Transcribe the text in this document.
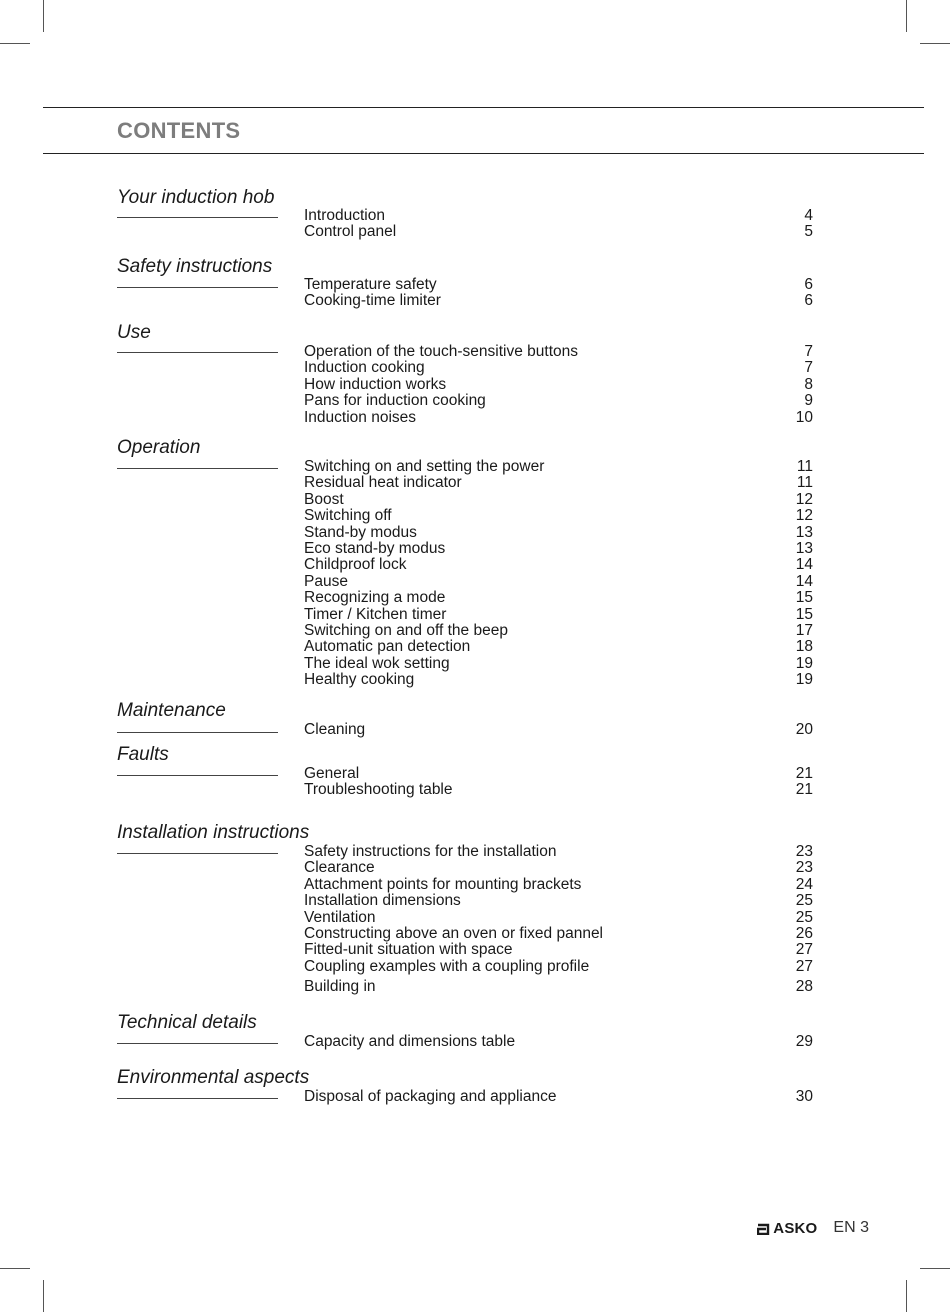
CONTENTS
Your induction hob
Introduction	4
Control panel	5
Safety instructions
Temperature safety	6
Cooking-time limiter	6
Use
Operation of the touch-sensitive buttons	7
Induction cooking	7
How induction works	8
Pans for induction cooking	9
Induction noises	10
Operation
Switching on and setting the power	11
Residual heat indicator	11
Boost	12
Switching off	12
Stand-by modus	13
Eco stand-by modus	13
Childproof lock	14
Pause	14
Recognizing a mode	15
Timer / Kitchen timer	15
Switching on and off the beep	17
Automatic pan detection	18
The ideal wok setting	19
Healthy cooking	19
Maintenance
Cleaning	20
Faults
General	21
Troubleshooting table	21
Installation instructions
Safety instructions for the installation	23
Clearance	23
Attachment points for mounting brackets	24
Installation dimensions	25
Ventilation	25
Constructing above an oven or fixed pannel	26
Fitted-unit situation with space	27
Coupling examples with a coupling profile	27
Building in	28
Technical details
Capacity and dimensions table	29
Environmental aspects
Disposal of packaging and appliance	30
ASKO EN 3
